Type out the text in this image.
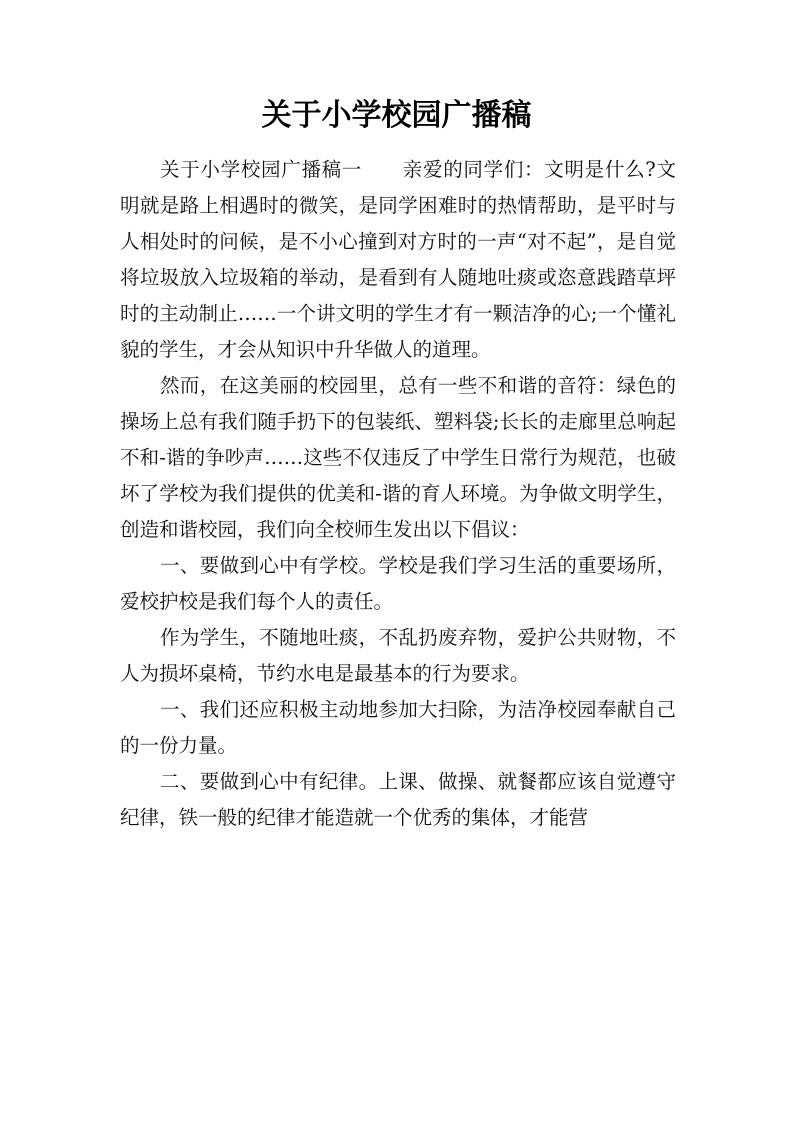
关于小学校园广播稿

关于小学校园广播稿一 亲爱的同学们：文明是什么?文明就是路上相遇时的微笑，是同学困难时的热情帮助，是平时与人相处时的问候，是不小心撞到对方时的一声“对不起”，是自觉将垃圾放入垃圾箱的举动，是看到有人随地吐痰或恣意践踏草坪时的主动制止……一个讲文明的学生才有一颗洁净的心;一个懂礼貌的学生，才会从知识中升华做人的道理。

然而，在这美丽的校园里，总有一些不和谐的音符：绿色的操场上总有我们随手扔下的包装纸、塑料袋;长长的走廊里总响起不和-谐的争吵声……这些不仅违反了中学生日常行为规范，也破坏了学校为我们提供的优美和-谐的育人环境。为争做文明学生，创造和谐校园，我们向全校师生发出以下倡议：

一、要做到心中有学校。学校是我们学习生活的重要场所，爱校护校是我们每个人的责任。

作为学生，不随地吐痰，不乱扔废弃物，爱护公共财物，不人为损坏桌椅，节约水电是最基本的行为要求。

一、我们还应积极主动地参加大扫除，为洁净校园奉献自己的一份力量。

二、要做到心中有纪律。上课、做操、就餐都应该自觉遵守纪律，铁一般的纪律才能造就一个优秀的集体，才能营
